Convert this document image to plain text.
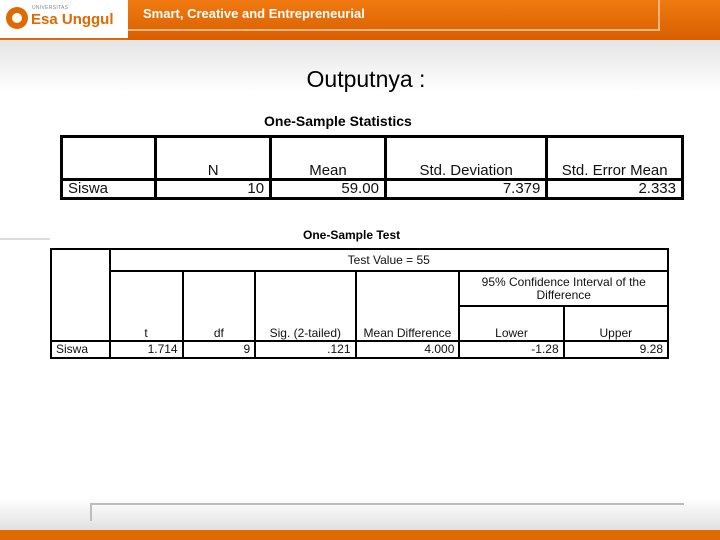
UNIVERSITAS
Esa Unggul Smart, Creative and Entrepreneurial
Outputnya :
One-Sample Statistics
	N	Mean	Std. Deviation	Std. Error Mean
Siswa	10	59.00	7.379	2.333
One-Sample Test
	Test Value = 55					
	t	df	Sig. (2-tailed)	Mean Difference	95% Confidence Interval of the Difference	
					Lower	Upper
Siswa	1.714	9	.121	4.000	-1.28	9.28
